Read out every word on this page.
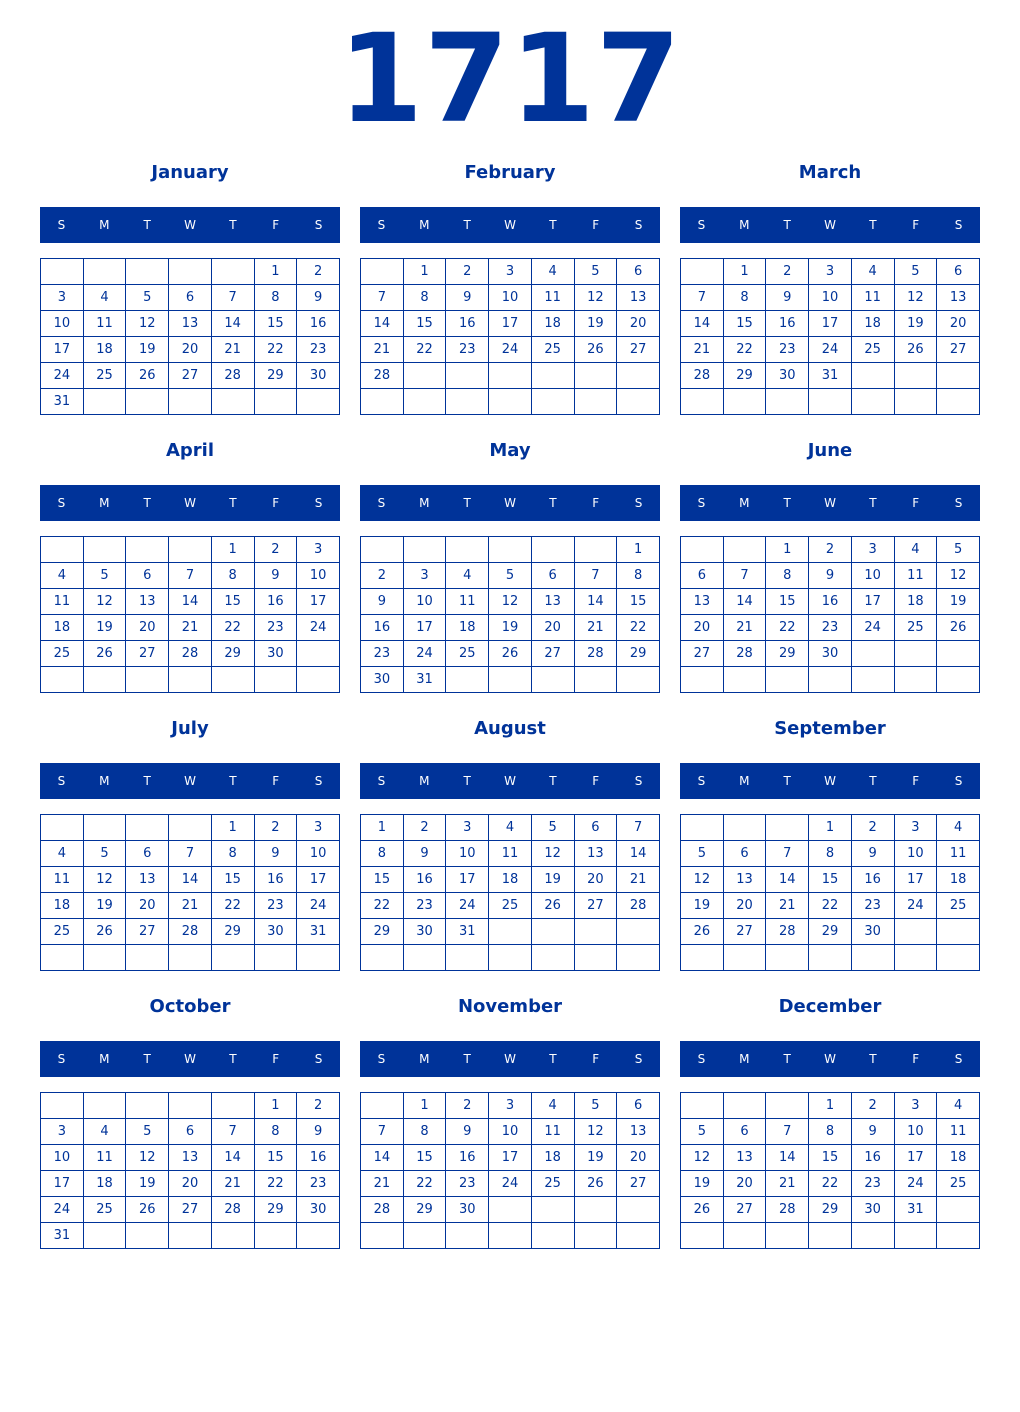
1717
January
S	M	T	W	T	F	S
					1	2
3	4	5	6	7	8	9
10	11	12	13	14	15	16
17	18	19	20	21	22	23
24	25	26	27	28	29	30
31						
February
S	M	T	W	T	F	S
	1	2	3	4	5	6
7	8	9	10	11	12	13
14	15	16	17	18	19	20
21	22	23	24	25	26	27
28						

March
S	M	T	W	T	F	S
	1	2	3	4	5	6
7	8	9	10	11	12	13
14	15	16	17	18	19	20
21	22	23	24	25	26	27
28	29	30	31			

April
S	M	T	W	T	F	S
				1	2	3
4	5	6	7	8	9	10
11	12	13	14	15	16	17
18	19	20	21	22	23	24
25	26	27	28	29	30	

May
S	M	T	W	T	F	S
						1
2	3	4	5	6	7	8
9	10	11	12	13	14	15
16	17	18	19	20	21	22
23	24	25	26	27	28	29
30	31					
June
S	M	T	W	T	F	S
		1	2	3	4	5
6	7	8	9	10	11	12
13	14	15	16	17	18	19
20	21	22	23	24	25	26
27	28	29	30			

July
S	M	T	W	T	F	S
				1	2	3
4	5	6	7	8	9	10
11	12	13	14	15	16	17
18	19	20	21	22	23	24
25	26	27	28	29	30	31

August
S	M	T	W	T	F	S
1	2	3	4	5	6	7
8	9	10	11	12	13	14
15	16	17	18	19	20	21
22	23	24	25	26	27	28
29	30	31				

September
S	M	T	W	T	F	S
			1	2	3	4
5	6	7	8	9	10	11
12	13	14	15	16	17	18
19	20	21	22	23	24	25
26	27	28	29	30		

October
S	M	T	W	T	F	S
					1	2
3	4	5	6	7	8	9
10	11	12	13	14	15	16
17	18	19	20	21	22	23
24	25	26	27	28	29	30
31						
November
S	M	T	W	T	F	S
	1	2	3	4	5	6
7	8	9	10	11	12	13
14	15	16	17	18	19	20
21	22	23	24	25	26	27
28	29	30				

December
S	M	T	W	T	F	S
			1	2	3	4
5	6	7	8	9	10	11
12	13	14	15	16	17	18
19	20	21	22	23	24	25
26	27	28	29	30	31	
